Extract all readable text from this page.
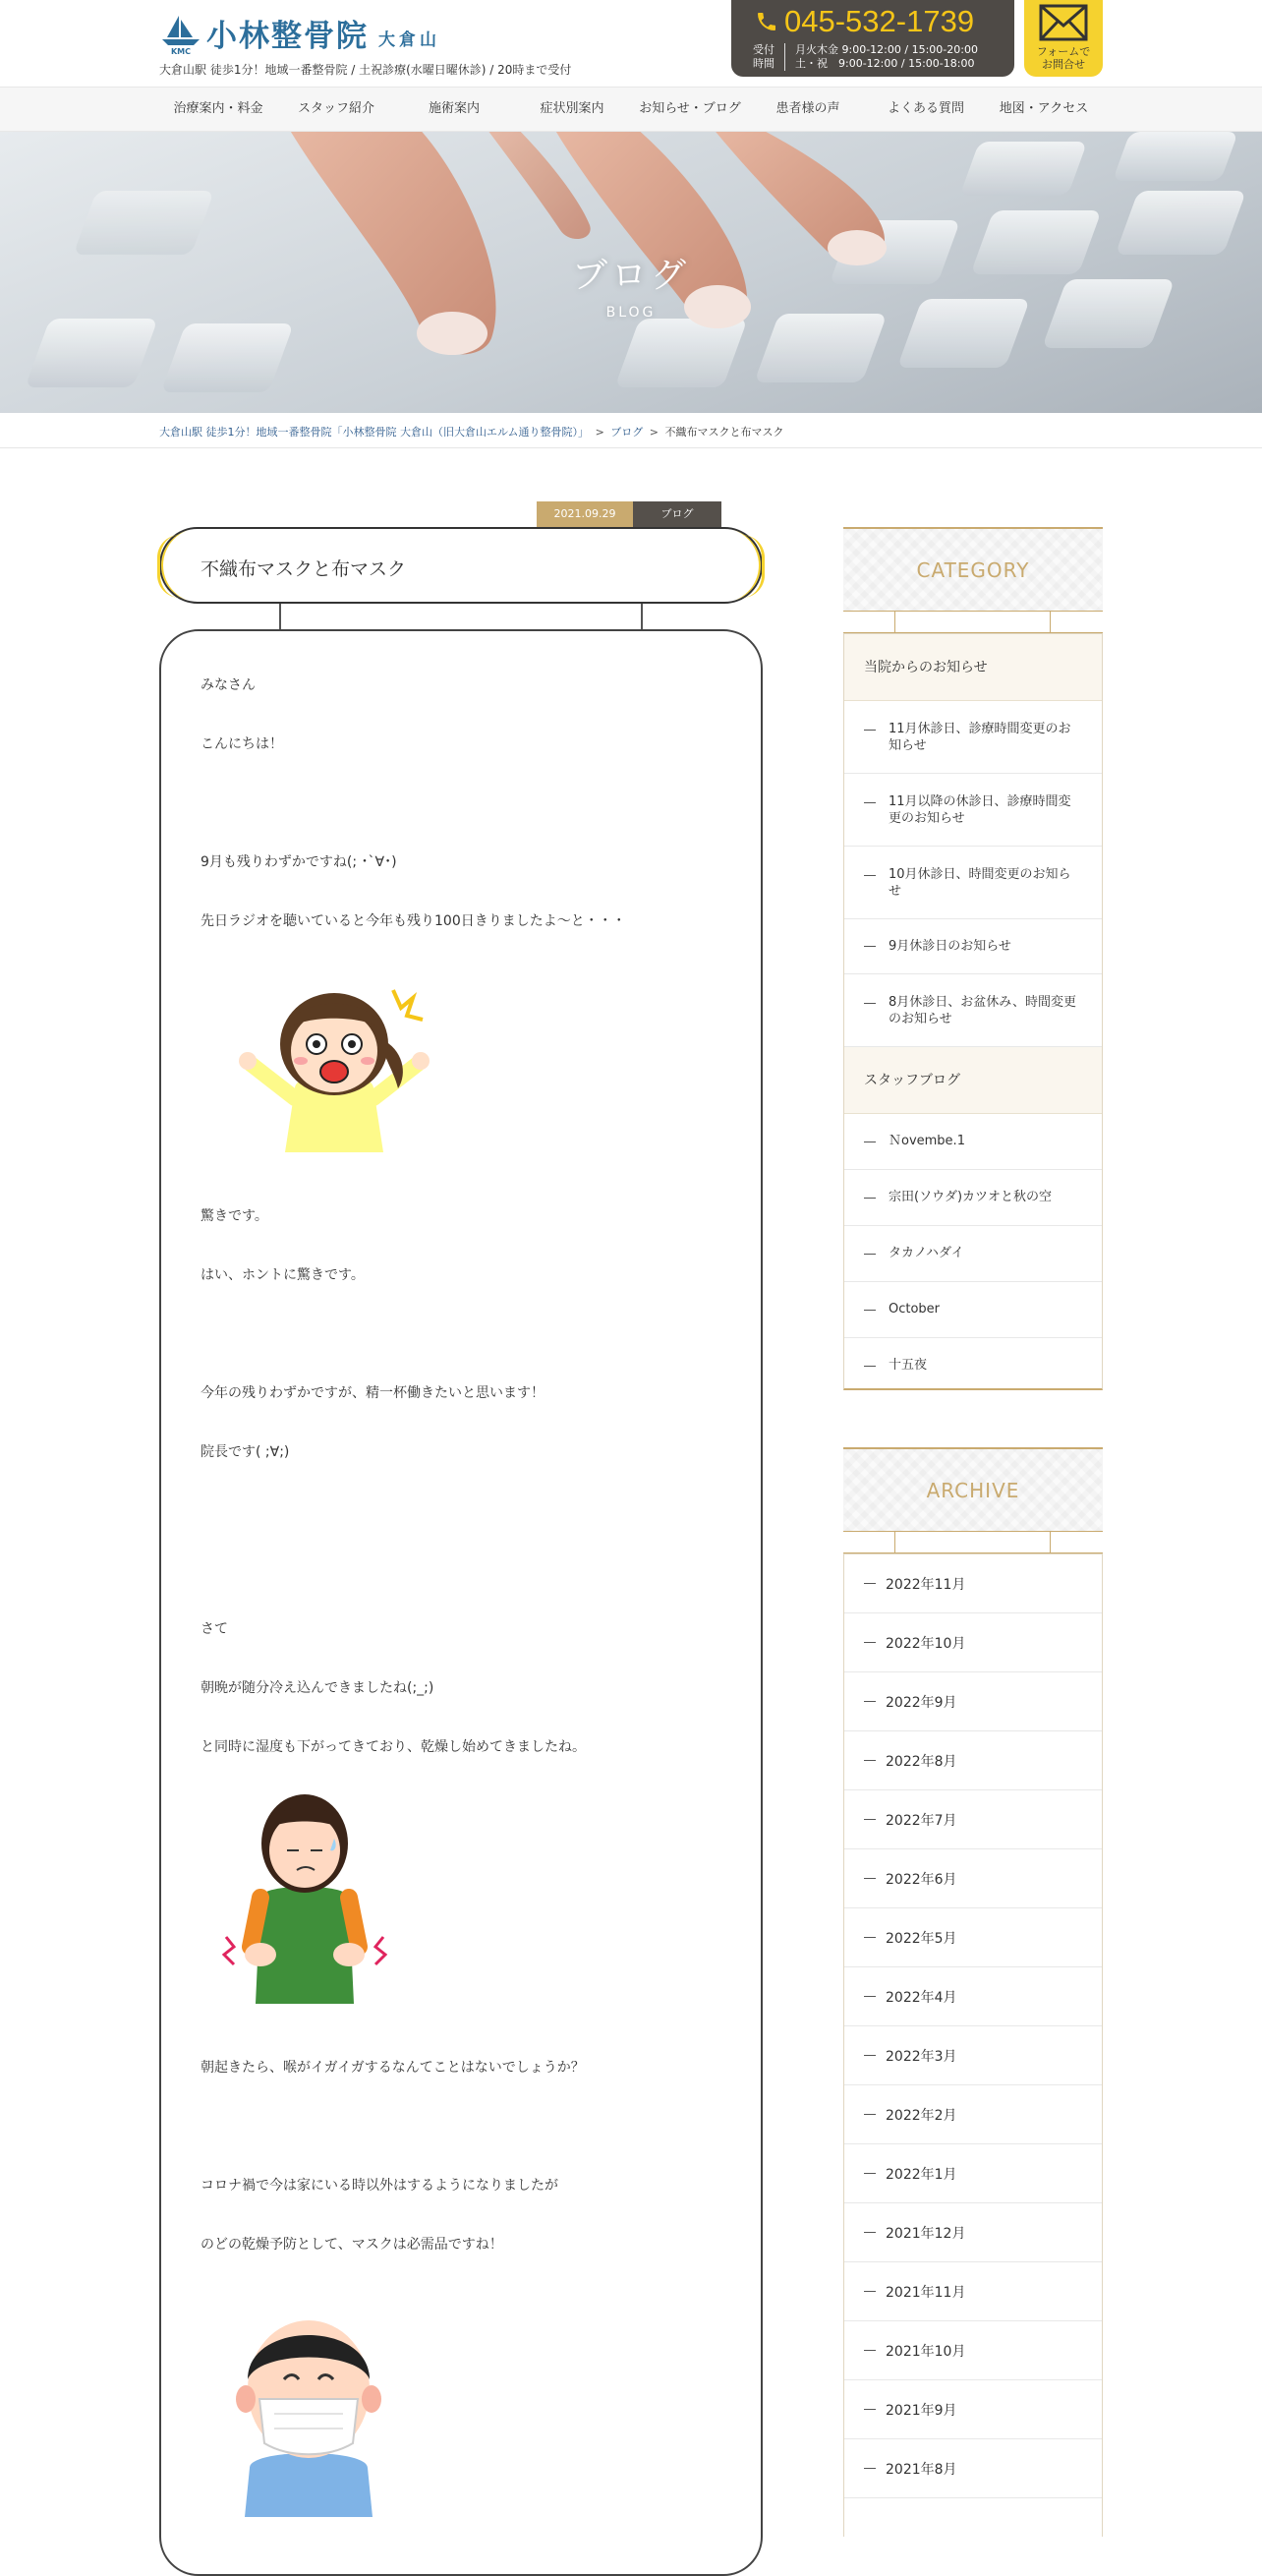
KMC 小林整骨院 大倉山
大倉山駅 徒歩1分！地域一番整骨院 / 土祝診療(水曜日曜休診) / 20時まで受付
045-532-1739
受付
時間
月火木金 9:00-12:00 / 15:00-20:00
土・祝　9:00-12:00 / 15:00-18:00
フォームで
お問合せ
治療案内・料金	スタッフ紹介	施術案内	症状別案内	お知らせ・ブログ	患者様の声	よくある質問	地図・アクセス
ブログ
BLOG
大倉山駅 徒歩1分！地域一番整骨院「小林整骨院 大倉山（旧大倉山エルム通り整骨院）」 > ブログ > 不織布マスクと布マスク
2021.09.29	ブログ
不織布マスクと布マスク
みなさん
こんにちは！
9月も残りわずかですね(; ･`∀･)
先日ラジオを聴いていると今年も残り100日きりましたよ～と・・・
驚きです。
はい、ホントに驚きです。
今年の残りわずかですが、精一杯働きたいと思います！
院長です( ;∀;)
さて
朝晩が随分冷え込んできましたね(;_;)
と同時に湿度も下がってきており、乾燥し始めてきましたね。
朝起きたら、喉がイガイガするなんてことはないでしょうか？
コロナ禍で今は家にいる時以外はするようになりましたが
のどの乾燥予防として、マスクは必需品ですね！
CATEGORY
当院からのお知らせ
11月休診日、診療時間変更のお知らせ
11月以降の休診日、診療時間変更のお知らせ
10月休診日、時間変更のお知らせ
9月休診日のお知らせ
8月休診日、お盆休み、時間変更のお知らせ
スタッフブログ
Ｎovembe.1
宗田(ソウダ)カツオと秋の空
タカノハダイ
October
十五夜
ARCHIVE
2022年11月
2022年10月
2022年9月
2022年8月
2022年7月
2022年6月
2022年5月
2022年4月
2022年3月
2022年2月
2022年1月
2021年12月
2021年11月
2021年10月
2021年9月
2021年8月
